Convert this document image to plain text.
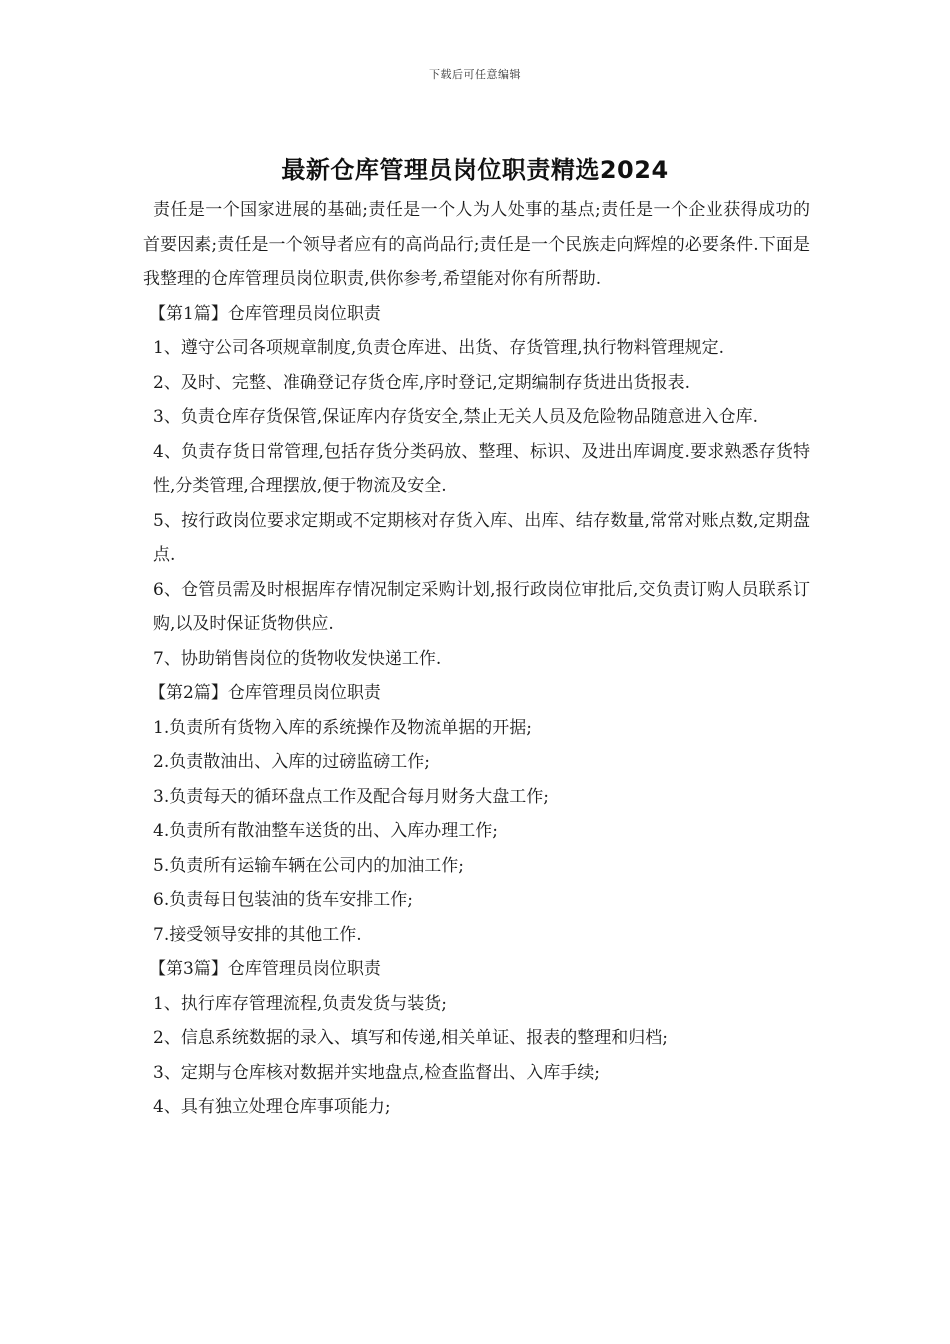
下载后可任意编辑
最新仓库管理员岗位职责精选2024

责任是一个国家进展的基础;责任是一个人为人处事的基点;责任是一个企业获得成功的首要因素;责任是一个领导者应有的高尚品行;责任是一个民族走向辉煌的必要条件.下面是我整理的仓库管理员岗位职责,供你参考,希望能对你有所帮助.

【第1篇】仓库管理员岗位职责

1、遵守公司各项规章制度,负责仓库进、出货、存货管理,执行物料管理规定.

2、及时、完整、准确登记存货仓库,序时登记,定期编制存货进出货报表.

3、负责仓库存货保管,保证库内存货安全,禁止无关人员及危险物品随意进入仓库.

4、负责存货日常管理,包括存货分类码放、整理、标识、及进出库调度.要求熟悉存货特性,分类管理,合理摆放,便于物流及安全.

5、按行政岗位要求定期或不定期核对存货入库、出库、结存数量,常常对账点数,定期盘点.

6、仓管员需及时根据库存情况制定采购计划,报行政岗位审批后,交负责订购人员联系订购,以及时保证货物供应.

7、协助销售岗位的货物收发快递工作.

【第2篇】仓库管理员岗位职责

1.负责所有货物入库的系统操作及物流单据的开据;

2.负责散油出、入库的过磅监磅工作;

3.负责每天的循环盘点工作及配合每月财务大盘工作;

4.负责所有散油整车送货的出、入库办理工作;

5.负责所有运输车辆在公司内的加油工作;

6.负责每日包装油的货车安排工作;

7.接受领导安排的其他工作.

【第3篇】仓库管理员岗位职责

1、执行库存管理流程,负责发货与装货;

2、信息系统数据的录入、填写和传递,相关单证、报表的整理和归档;

3、定期与仓库核对数据并实地盘点,检查监督出、入库手续;

4、具有独立处理仓库事项能力;
